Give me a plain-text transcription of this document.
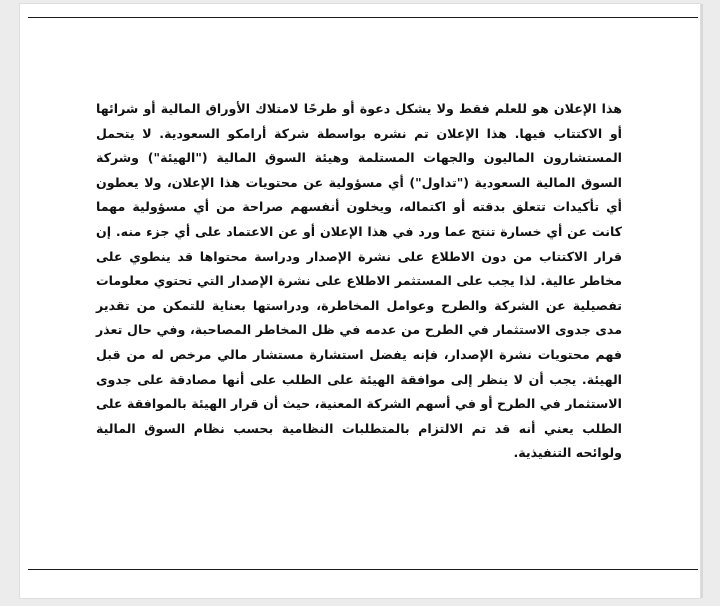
هذا الإعلان هو للعلم فقط ولا يشكل دعوة أو طرحًا لامتلاك الأوراق المالية أو شرائها أو الاكتتاب فيها. هذا الإعلان تم نشره بواسطة شركة أرامكو السعودية. لا يتحمل المستشارون الماليون والجهات المستلمة وهيئة السوق المالية ("الهيئة") وشركة السوق المالية السعودية ("تداول") أي مسؤولية عن محتويات هذا الإعلان، ولا يعطون أي تأكيدات تتعلق بدقته أو اكتماله، ويخلون أنفسهم صراحة من أي مسؤولية مهما كانت عن أي خسارة تنتج عما ورد في هذا الإعلان أو عن الاعتماد على أي جزء منه. إن قرار الاكتتاب من دون الاطلاع على نشرة الإصدار ودراسة محتواها قد ينطوي على مخاطر عالية. لذا يجب على المستثمر الاطلاع على نشرة الإصدار التي تحتوي معلومات تفصيلية عن الشركة والطرح وعوامل المخاطرة، ودراستها بعناية للتمكن من تقدير مدى جدوى الاستثمار في الطرح من عدمه في ظل المخاطر المصاحبة، وفي حال تعذر فهم محتويات نشرة الإصدار، فإنه يفضل استشارة مستشار مالي مرخص له من قبل الهيئة. يجب أن لا ينظر إلى موافقة الهيئة على الطلب على أنها مصادقة على جدوى الاستثمار في الطرح أو في أسهم الشركة المعنية، حيث أن قرار الهيئة بالموافقة على الطلب يعني أنه قد تم الالتزام بالمتطلبات النظامية بحسب نظام السوق المالية ولوائحه التنفيذية.
